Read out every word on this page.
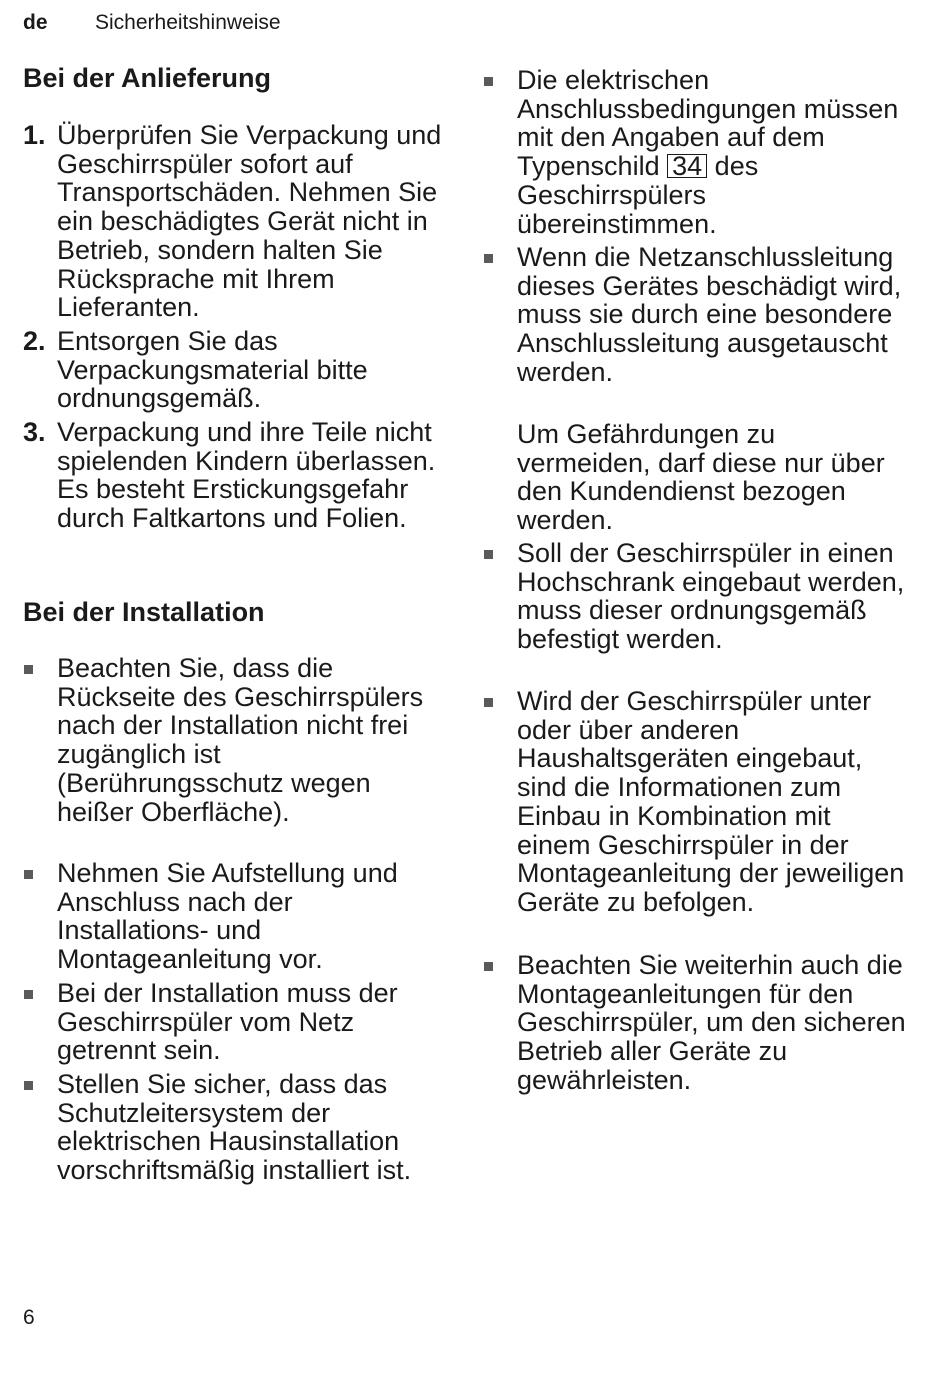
de Sicherheitshinweise
Bei der Anlieferung
1. Überprüfen Sie Verpackung und Geschirrspüler sofort auf Transportschäden. Nehmen Sie ein beschädigtes Gerät nicht in Betrieb, sondern halten Sie Rücksprache mit Ihrem Lieferanten.
2. Entsorgen Sie das Verpackungsmaterial bitte ordnungsgemäß.
3. Verpackung und ihre Teile nicht spielenden Kindern überlassen. Es besteht Erstickungsgefahr durch Faltkartons und Folien.
Bei der Installation
Beachten Sie, dass die Rückseite des Geschirrspülers nach der Installation nicht frei zugänglich ist (Berührungsschutz wegen heißer Oberfläche).
Nehmen Sie Aufstellung und Anschluss nach der Installations- und Montageanleitung vor.
Bei der Installation muss der Geschirrspüler vom Netz getrennt sein.
Stellen Sie sicher, dass das Schutzleitersystem der elektrischen Hausinstallation vorschriftsmäßig installiert ist.
Die elektrischen Anschlussbedingungen müssen mit den Angaben auf dem Typenschild 34 des Geschirrspülers übereinstimmen.
Wenn die Netzanschlussleitung dieses Gerätes beschädigt wird, muss sie durch eine besondere Anschlussleitung ausgetauscht werden.
Um Gefährdungen zu vermeiden, darf diese nur über den Kundendienst bezogen werden.
Soll der Geschirrspüler in einen Hochschrank eingebaut werden, muss dieser ordnungsgemäß befestigt werden.
Wird der Geschirrspüler unter oder über anderen Haushaltsgeräten eingebaut, sind die Informationen zum Einbau in Kombination mit einem Geschirrspüler in der Montageanleitung der jeweiligen Geräte zu befolgen.
Beachten Sie weiterhin auch die Montageanleitungen für den Geschirrspüler, um den sicheren Betrieb aller Geräte zu gewährleisten.
6
